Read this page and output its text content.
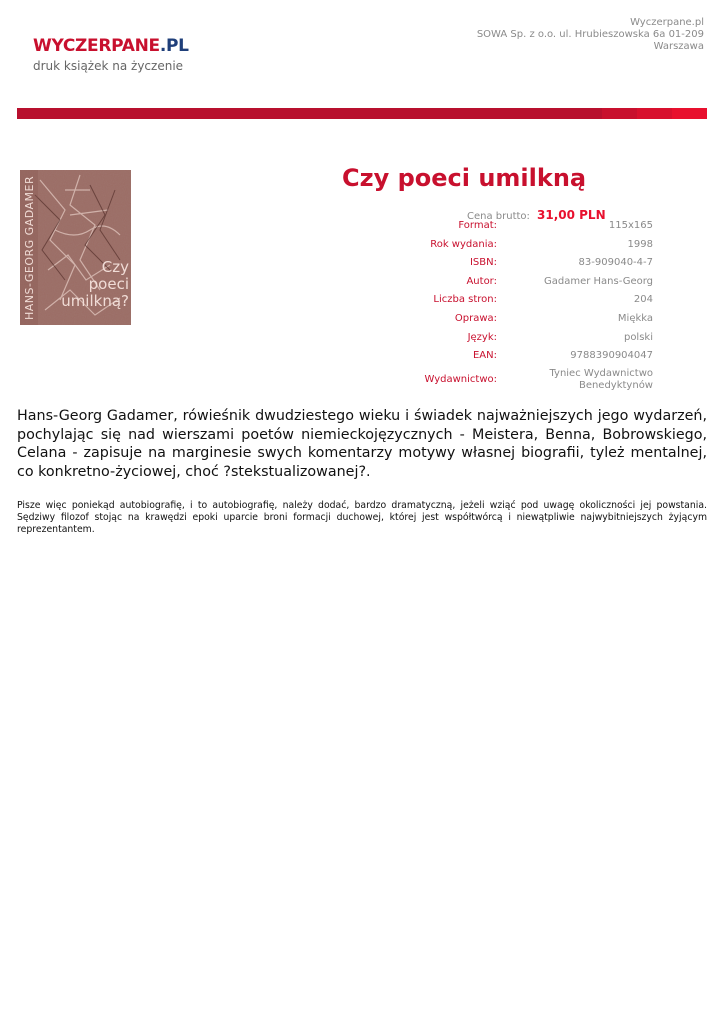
WYCZERPANE.PL
druk książek na życzenie
Wyczerpane.pl
SOWA Sp. z o.o. ul. Hrubieszowska 6a 01-209
Warszawa
HANS-GEORG GADAMER	Czy
poeci
umilkną?
Czy poeci umilkną
Cena brutto: 31,00 PLN
Format:	115x165
Rok wydania:	1998
ISBN:	83-909040-4-7
Autor:	Gadamer Hans-Georg
Liczba stron:	204
Oprawa:	Miękka
Język:	polski
EAN:	9788390904047
Wydawnictwo:
Tyniec Wydawnictwo
Benedyktynów
Hans-Georg Gadamer, rówieśnik dwudziestego wieku i świadek najważniejszych jego wydarzeń, pochylając się nad wierszami poetów niemieckojęzycznych - Meistera, Benna, Bobrowskiego, Celana - zapisuje na marginesie swych komentarzy motywy własnej biografii, tyleż mentalnej, co konkretno-życiowej, choć ?stekstualizowanej?.
Pisze więc poniekąd autobiografię, i to autobiografię, należy dodać, bardzo dramatyczną, jeżeli wziąć pod uwagę okoliczności jej powstania. Sędziwy filozof stojąc na krawędzi epoki uparcie broni formacji duchowej, której jest współtwórcą i niewątpliwie najwybitniejszych żyjącym reprezentantem.
